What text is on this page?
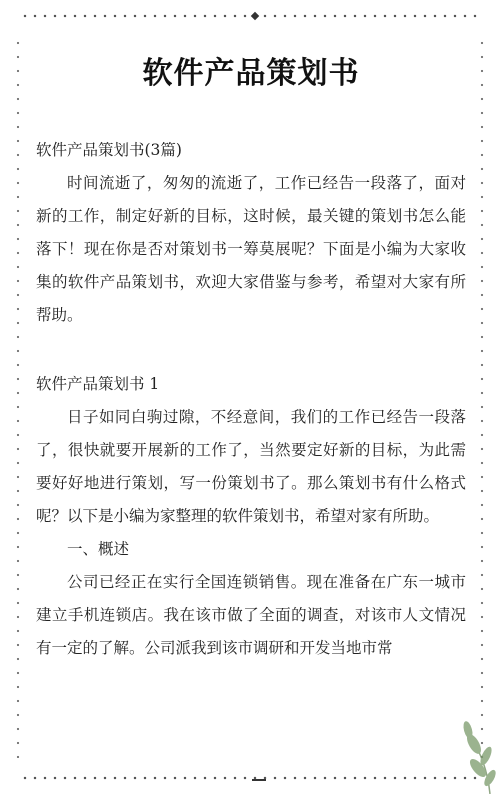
软件产品策划书

软件产品策划书(3篇)

时间流逝了，匆匆的流逝了，工作已经告一段落了，面对新的工作，制定好新的目标，这时候，最关键的策划书怎么能落下！现在你是否对策划书一筹莫展呢？下面是小编为大家收集的软件产品策划书，欢迎大家借鉴与参考，希望对大家有所帮助。

软件产品策划书 1

日子如同白驹过隙，不经意间，我们的工作已经告一段落了，很快就要开展新的工作了，当然要定好新的目标，为此需要好好地进行策划，写一份策划书了。那么策划书有什么格式呢？以下是小编为家整理的软件策划书，希望对家有所助。

一、概述

公司已经正在实行全国连锁销售。现在准备在广东一城市建立手机连锁店。我在该市做了全面的调查，对该市人文情况有一定的了解。公司派我到该市调研和开发当地市常
